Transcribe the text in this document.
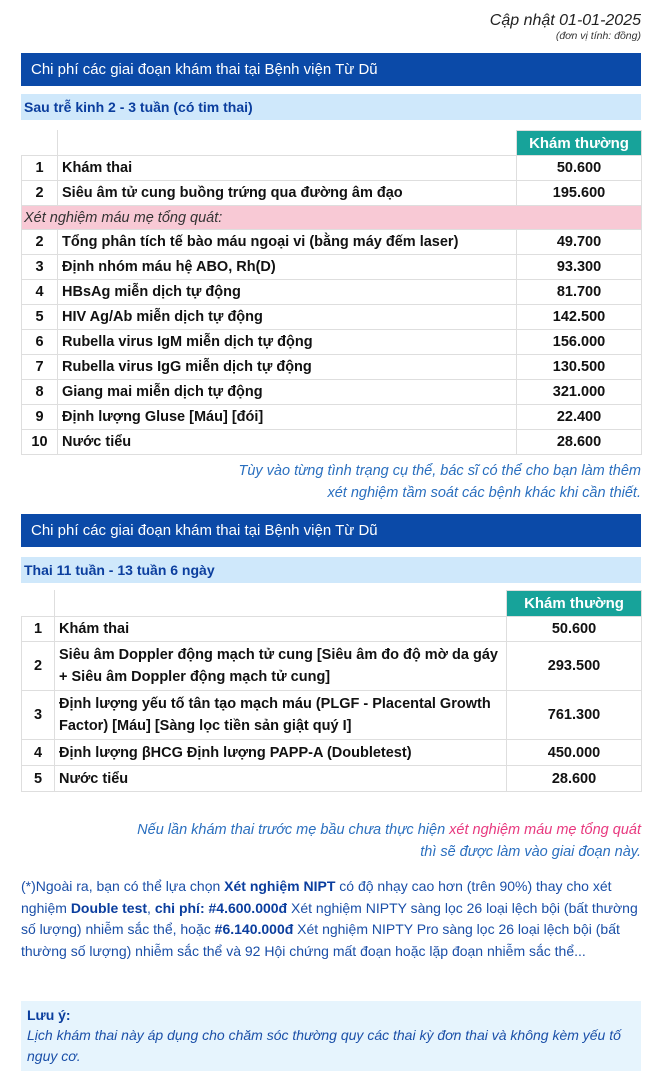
Cập nhật 01-01-2025
(đơn vị tính: đồng)
Chi phí các giai đoạn khám thai tại Bệnh viện Từ Dũ
Sau trễ kinh 2 - 3 tuần (có tim thai)
		Khám thường
1	Khám thai	50.600
2	Siêu âm tử cung buồng trứng qua đường âm đạo	195.600
Xét nghiệm máu mẹ tổng quát:		
2	Tổng phân tích tế bào máu ngoại vi (bằng máy đếm laser)	49.700
3	Định nhóm máu hệ ABO, Rh(D)	93.300
4	HBsAg miễn dịch tự động	81.700
5	HIV Ag/Ab miễn dịch tự động	142.500
6	Rubella virus IgM miễn dịch tự động	156.000
7	Rubella virus IgG miễn dịch tự động	130.500
8	Giang mai miễn dịch tự động	321.000
9	Định lượng Gluse [Máu] [đói]	22.400
10	Nước tiểu	28.600
Tùy vào từng tình trạng cụ thể, bác sĩ có thể cho bạn làm thêm
xét nghiệm tầm soát các bệnh khác khi cần thiết.
Chi phí các giai đoạn khám thai tại Bệnh viện Từ Dũ
Thai 11 tuần - 13 tuần 6 ngày
		Khám thường
1	Khám thai	50.600
2	Siêu âm Doppler động mạch tử cung [Siêu âm đo độ mờ da gáy + Siêu âm Doppler động mạch tử cung]	293.500
3	Định lượng yếu tố tân tạo mạch máu (PLGF - Placental Growth Factor) [Máu] [Sàng lọc tiền sản giật quý I]	761.300
4	Định lượng βHCG Định lượng PAPP-A (Doubletest)	450.000
5	Nước tiểu	28.600
Nếu lần khám thai trước mẹ bầu chưa thực hiện xét nghiệm máu mẹ tổng quát
thì sẽ được làm vào giai đoạn này.
(*)Ngoài ra, bạn có thể lựa chọn Xét nghiệm NIPT có độ nhạy cao hơn (trên 90%) thay cho xét nghiệm Double test, chi phí: #4.600.000đ Xét nghiệm NIPTY sàng lọc 26 loại lệch bội (bất thường số lượng) nhiễm sắc thể, hoặc #6.140.000đ Xét nghiệm NIPTY Pro sàng lọc 26 loại lệch bội (bất thường số lượng) nhiễm sắc thể và 92 Hội chứng mất đoạn hoặc lặp đoạn nhiễm sắc thể...
Lưu ý:
Lịch khám thai này áp dụng cho chăm sóc thường quy các thai kỳ đơn thai và không kèm yếu tố nguy cơ.
